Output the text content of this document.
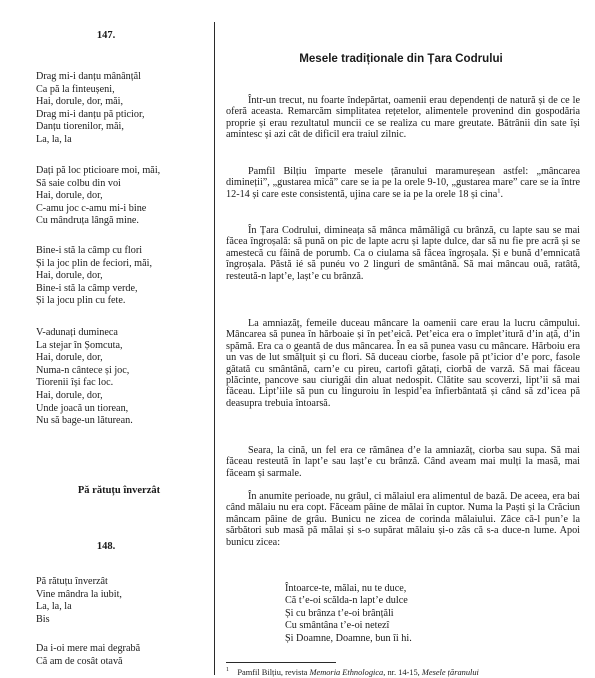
147.
Drag mi-i danțu mânânțăl
Ca pă la finteușeni,
Hai, dorule, dor, măi,
Drag mi-i danțu pă pticior,
Danțu tiorenilor, măi,
La, la, la
Dați pă loc pticioare moi, măi,
Să saie colbu din voi
Hai, dorule, dor,
C-amu joc c-amu mi-i bine
Cu mândruța lângă mine.
Bine-i stă la câmp cu flori
Și la joc plin de feciori, măi,
Hai, dorule, dor,
Bine-i stă la câmp verde,
Și la jocu plin cu fete.
V-adunați dumineca
La stejar în Șomcuta,
Hai, dorule, dor,
Numa-n cântece și joc,
Tiorenii își fac loc.
Hai, dorule, dor,
Unde joacă un tiorean,
Nu să bage-un lăturean.
Pă rătuțu înverzât
148.
Pă rătuțu înverzât
Vine mândra la iubit,
La, la, la
Bis
Da i-oi mere mai degrabă
Că am de cosât otavă
Mesele tradiționale din Țara Codrului

Într-un trecut, nu foarte îndepărtat, oamenii erau dependenți de natură și de ce le oferă aceasta. Remarcăm simplitatea rețetelor, alimentele provenind din gospodăria proprie și erau rezultatul muncii ce se realiza cu mare greutate. Bătrânii din sate își amintesc și azi cât de dificil era traiul zilnic.

Pamfil Bilțiu împarte mesele țăranului maramureșean astfel: „mâncarea dimineții”, „gustarea mică” care se ia pe la orele 9-10, „gustarea mare” care se ia între 12-14 și care este consistentă, ujina care se ia pe la orele 18 și cina$^1$.

În Țara Codrului, dimineața să mânca mămăligă cu brânză, cu lapte sau se mai făcea îngroșală: să pună on pic de lapte acru și lapte dulce, dar să nu fie pre acră și se amestecă cu făină de porumb. Ca o ciulama să făcea îngroșala. Și e bună d’emnicată îngroșala. Păstă ié să punéu vo 2 linguri de smântână. Să mai mâncau ouă, ratâtă, resteută-n lapt’e, lașt’e cu brânză.

La amniazăț, femeile duceau mâncare la oamenii care erau la lucru câmpului. Mâncarea să punea în hărboaie și în pet’eică. Pet’eica era o împlet’itură d’in ață, d’in spămă. Era ca o geantă de dus mâncarea. În ea să punea vasu cu mâncare. Hărboiu era un vas de lut smălțuit și cu flori. Să duceau ciorbe, fasole pă pt’icior d’e porc, fasole gătată cu smântână, carn’e cu pireu, cartofi gătați, ciorbă de varză. Să mai făceau plăcinte, pancove sau ciurigăi din aluat nedospit. Clătite sau scoverzi, lipt’ii să mai făceau. Lipt’iile să pun cu linguroiu în lespid’ea înfierbântată și când să zd’icea pă deasupra trebuia întoarsă.

Seara, la cină, un fel era ce rămânea d’e la amniazăț, ciorba sau supa. Să mai făceau resteută în lapt’e sau lașt’e cu brânză. Când aveam mai mulți la masă, mai făceam și sarmale.

În anumite perioade, nu grâul, ci mălaiul era alimentul de bază. De aceea, era bai când mălaiu nu era copt. Făceam pâine de mălai în cuptor. Numa la Paști și la Crăciun mâncam pâine de grâu. Bunicu ne zicea de corinda mălaiului. Zâce că-l pun’e la sărbători sub masă pă mălai și s-o supărat mălaiu și-o zâs că s-a duce-n lume. Apoi bunicu zicea:

Întoarce-te, mălai, nu te duce,
Că t’e-oi scălda-n lapt’e dulce
Și cu brânza t’e-oi brânțăli
Cu smântâna t’e-oi netezî
Și Doamne, Doamne, bun îi hi.
$^1$ Pamfil Bilțiu, revista Memoria Ethnologica, nr. 14-15, Mesele țăranului
